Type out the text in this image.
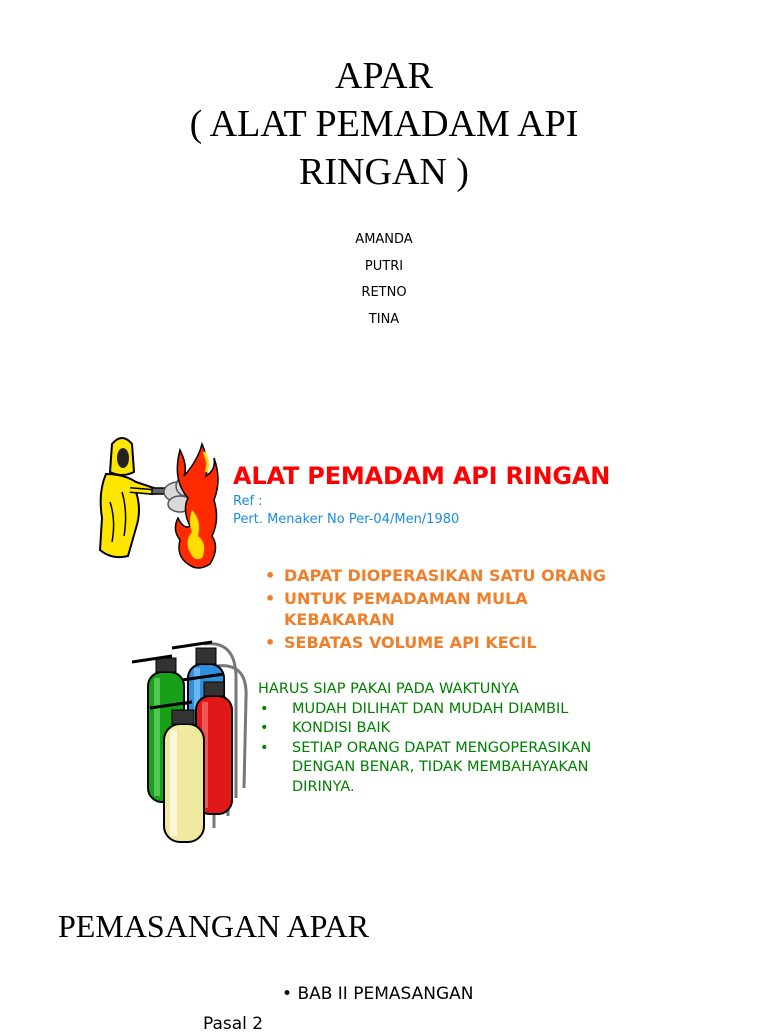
APAR
( ALAT PEMADAM API
RINGAN )
AMANDA
PUTRI
RETNO
TINA
ALAT PEMADAM API RINGAN
Ref :
Pert. Menaker No Per-04/Men/1980
• DAPAT DIOPERASIKAN SATU ORANG
• UNTUK PEMADAMAN MULA KEBAKARAN
• SEBATAS VOLUME API KECIL
HARUS SIAP PAKAI PADA WAKTUNYA
• MUDAH DILIHAT DAN MUDAH DIAMBIL
• KONDISI BAIK
• SETIAP ORANG DAPAT MENGOPERASIKAN DENGAN BENAR, TIDAK MEMBAHAYAKAN DIRINYA.
PEMASANGAN APAR
• BAB II PEMASANGAN
Pasal 2
